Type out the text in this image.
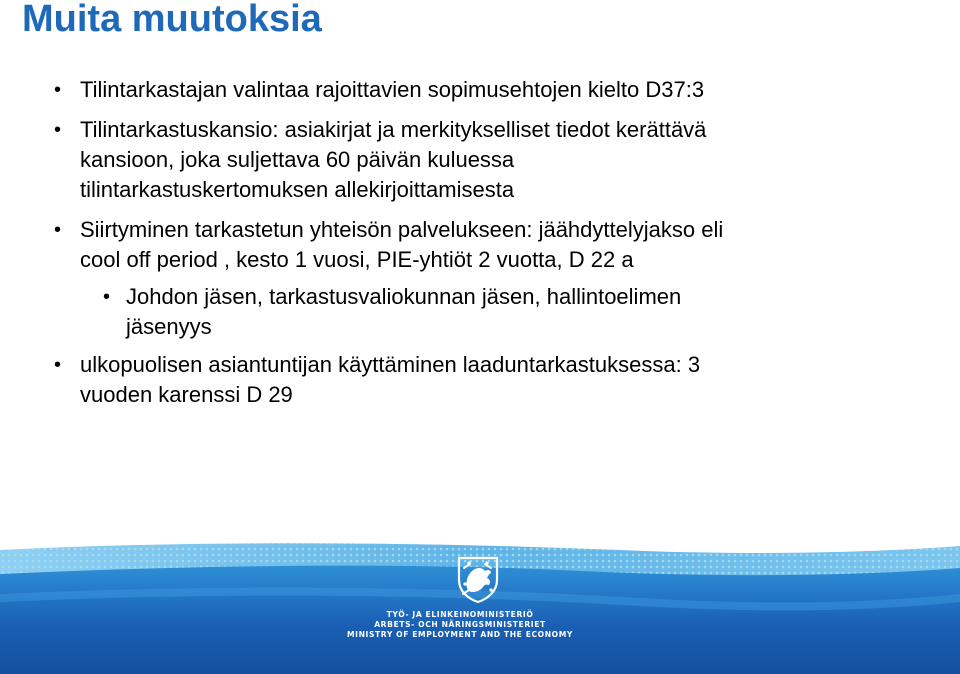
Muita muutoksia
• Tilintarkastajan valintaa rajoittavien sopimusehtojen kielto D37:3
• Tilintarkastuskansio: asiakirjat ja merkitykselliset tiedot kerättävä
kansioon, joka suljettava 60 päivän kuluessa
tilintarkastuskertomuksen allekirjoittamisesta
• Siirtyminen tarkastetun yhteisön palvelukseen: jäähdyttelyjakso eli
cool off period , kesto 1 vuosi, PIE-yhtiöt 2 vuotta, D 22 a
• Johdon jäsen, tarkastusvaliokunnan jäsen, hallintoelimen
jäsenyys
• ulkopuolisen asiantuntijan käyttäminen laaduntarkastuksessa: 3
vuoden karenssi D 29
TYÖ- JA ELINKEINOMINISTERIÖ
ARBETS- OCH NÄRINGSMINISTERIET
MINISTRY OF EMPLOYMENT AND THE ECONOMY
